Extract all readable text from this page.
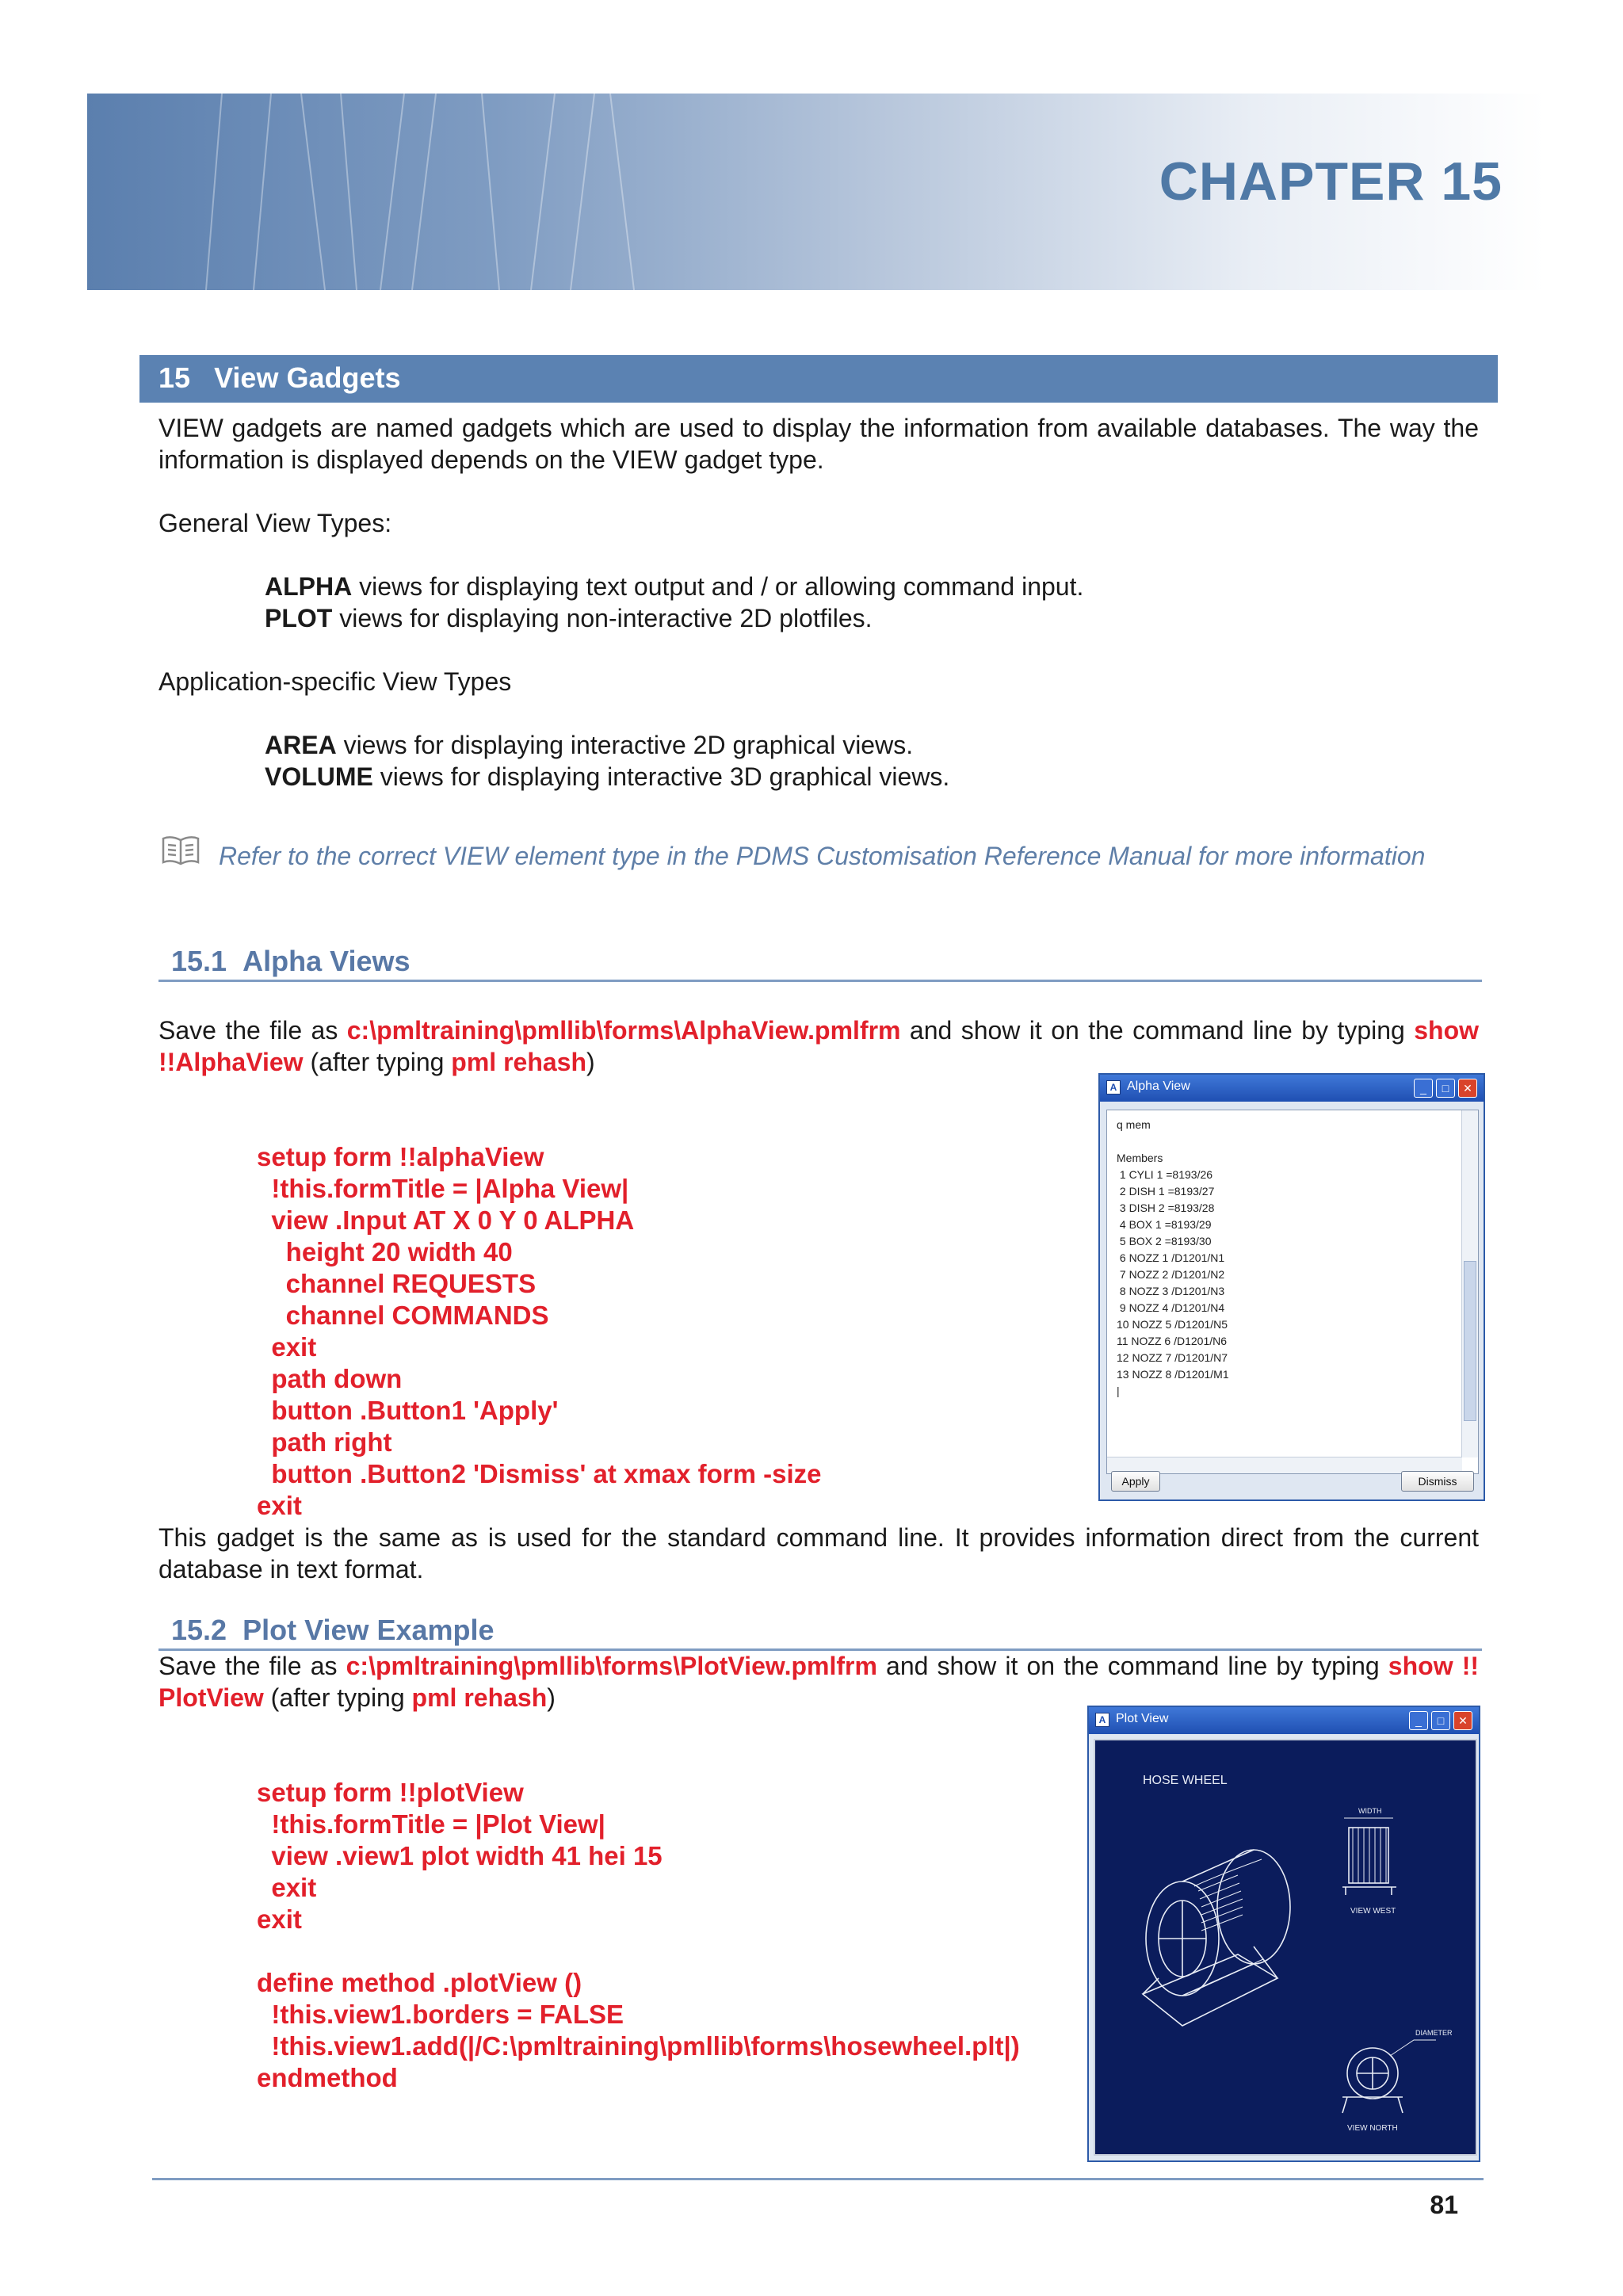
CHAPTER 15
15 View Gadgets
VIEW gadgets are named gadgets which are used to display the information from available databases. The way the information is displayed depends on the VIEW gadget type.
General View Types:
ALPHA views for displaying text output and / or allowing command input.
PLOT views for displaying non-interactive 2D plotfiles.
Application-specific View Types
AREA views for displaying interactive 2D graphical views.
VOLUME views for displaying interactive 3D graphical views.
Refer to the correct VIEW element type in the PDMS Customisation Reference Manual for more information
15.1 Alpha Views
Save the file as c:\pmltraining\pmllib\forms\AlphaView.pmlfrm and show it on the command line by typing show !!AlphaView (after typing pml rehash)

setup form !!alphaView
!this.formTitle = |Alpha View|
view .Input AT X 0 Y 0 ALPHA
height 20 width 40
channel REQUESTS
channel COMMANDS
exit
path down
button .Button1 'Apply'
path right
button .Button2 'Dismiss' at xmax form -size
exit

A Alpha View	_	□	✕
q mem
Members
1 CYLI 1 =8193/26
2 DISH 1 =8193/27
3 DISH 2 =8193/28
4 BOX 1 =8193/29
5 BOX 2 =8193/30
6 NOZZ 1 /D1201/N1
7 NOZZ 2 /D1201/N2
8 NOZZ 3 /D1201/N3
9 NOZZ 4 /D1201/N4
10 NOZZ 5 /D1201/N5
11 NOZZ 6 /D1201/N6
12 NOZZ 7 /D1201/N7
13 NOZZ 8 /D1201/M1
|
Apply	Dismiss
This gadget is the same as is used for the standard command line. It provides information direct from the current database in text format.
15.2 Plot View Example
Save the file as c:\pmltraining\pmllib\forms\PlotView.pmlfrm and show it on the command line by typing show !! PlotView (after typing pml rehash)

setup form !!plotView
!this.formTitle = |Plot View|
view .view1 plot width 41 hei 15
exit
exit
define method .plotView ()
!this.view1.borders = FALSE
!this.view1.add(|/C:\pmltraining\pmllib\forms\hosewheel.plt|)
endmethod

A Plot View	_	□	✕
HOSE WHEEL
WIDTH
VIEW WEST
DIAMETER
VIEW NORTH
81
